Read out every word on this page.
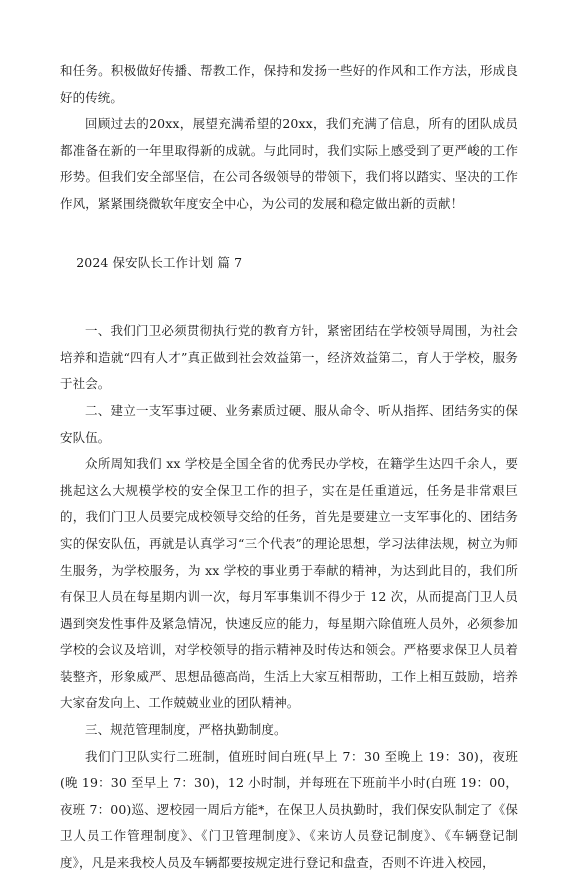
和任务。积极做好传播、帮教工作，保持和发扬一些好的作风和工作方法，形成良好的传统。

回顾过去的20xx，展望充满希望的20xx，我们充满了信息，所有的团队成员都准备在新的一年里取得新的成就。与此同时，我们实际上感受到了更严峻的工作形势。但我们安全部坚信，在公司各级领导的带领下，我们将以踏实、坚决的工作作风，紧紧围绕微软年度安全中心，为公司的发展和稳定做出新的贡献！

2024 保安队长工作计划 篇 7

一、我们门卫必须贯彻执行党的教育方针，紧密团结在学校领导周围，为社会培养和造就“四有人才”真正做到社会效益第一，经济效益第二，育人于学校，服务于社会。

二、建立一支军事过硬、业务素质过硬、服从命令、听从指挥、团结务实的保安队伍。

众所周知我们 xx 学校是全国全省的优秀民办学校，在籍学生达四千余人，要挑起这么大规模学校的安全保卫工作的担子，实在是任重道远，任务是非常艰巨的，我们门卫人员要完成校领导交给的任务，首先是要建立一支军事化的、团结务实的保安队伍，再就是认真学习“三个代表”的理论思想，学习法律法规，树立为师生服务，为学校服务，为 xx 学校的事业勇于奉献的精神，为达到此目的，我们所有保卫人员在每星期内训一次，每月军事集训不得少于 12 次，从而提高门卫人员遇到突发性事件及紧急情况，快速反应的能力，每星期六除值班人员外，必须参加学校的会议及培训，对学校领导的指示精神及时传达和领会。严格要求保卫人员着装整齐，形象威严、思想品德高尚，生活上大家互相帮助，工作上相互鼓励，培养大家奋发向上、工作兢兢业业的团队精神。

三、规范管理制度，严格执勤制度。

我们门卫队实行二班制，值班时间白班(早上 7：30 至晚上 19：30)，夜班(晚 19：30 至早上 7：30)，12 小时制，并每班在下班前半小时(白班 19：00，夜班 7：00)巡、逻校园一周后方能*，在保卫人员执勤时，我们保安队制定了《保卫人员工作管理制度》、《门卫管理制度》、《来访人员登记制度》、《车辆登记制度》，凡是来我校人员及车辆都要按规定进行登记和盘查，否则不许进入校园，
